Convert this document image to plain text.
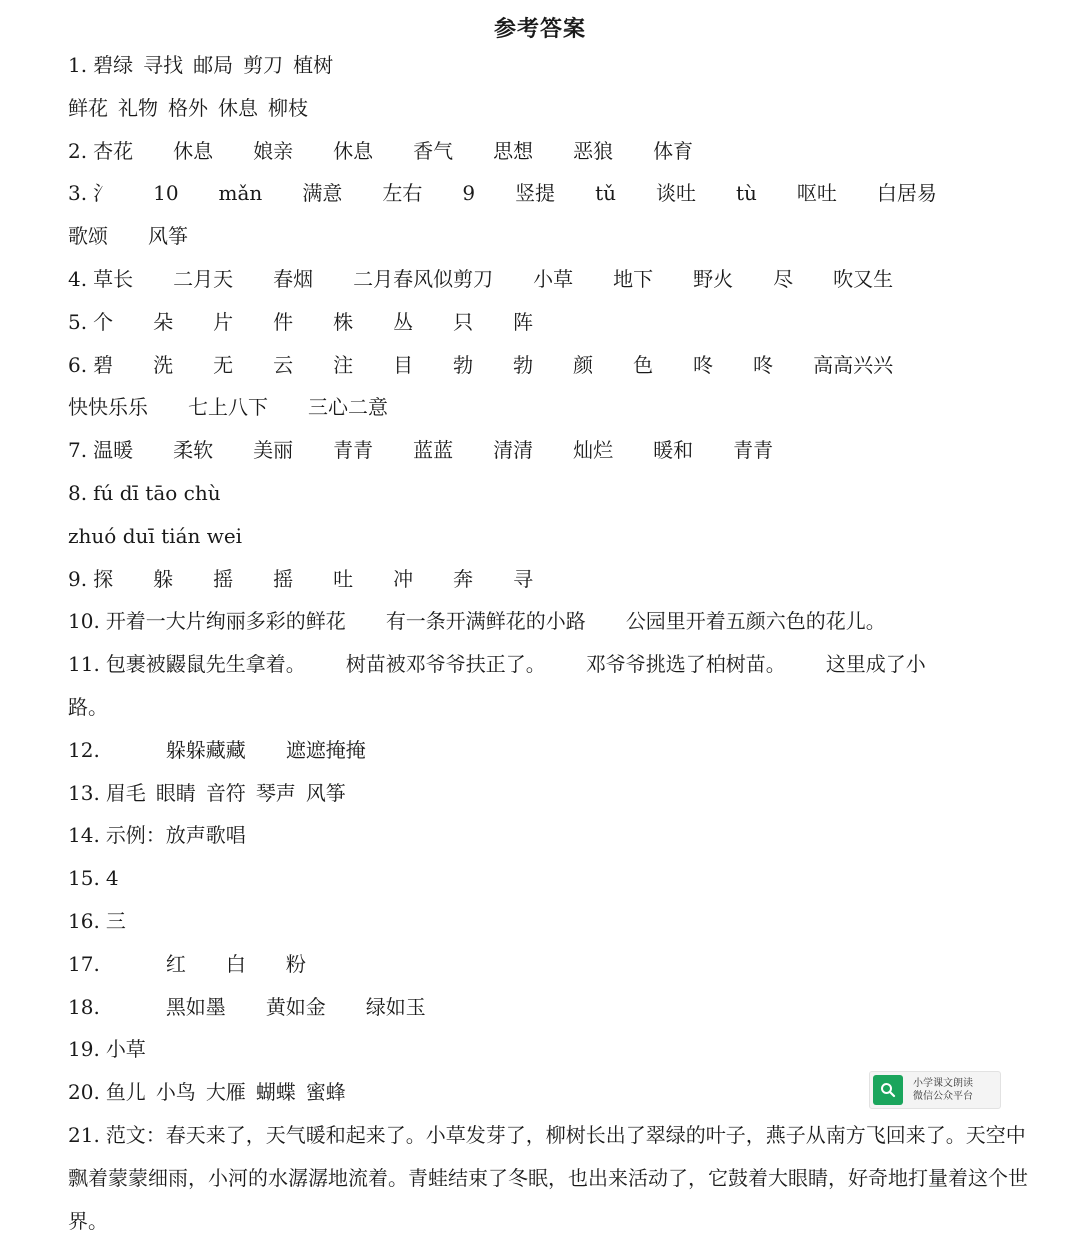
参考答案
1. 碧绿 寻找 邮局 剪刀 植树
鲜花 礼物 格外 休息 柳枝
2. 杏花 休息 娘亲 休息 香气 思想 恶狼 体育
3. 氵 10 mǎn 满意 左右 9 竖提 tǔ 谈吐 tù 呕吐 白居易
歌颂 风筝
4. 草长 二月天 春烟 二月春风似剪刀 小草 地下 野火 尽 吹又生
5. 个 朵 片 件 株 丛 只 阵
6. 碧 洗 无 云 注 目 勃 勃 颜 色 咚 咚 高高兴兴
快快乐乐 七上八下 三心二意
7. 温暖 柔软 美丽 青青 蓝蓝 清清 灿烂 暖和 青青
8. fú dī tāo chù
zhuó duī tián wei
9. 探 躲 摇 摇 吐 冲 奔 寻
10. 开着一大片绚丽多彩的鲜花 有一条开满鲜花的小路 公园里开着五颜六色的花儿。
11. 包裹被鼹鼠先生拿着。 树苗被邓爷爷扶正了。 邓爷爷挑选了柏树苗。 这里成了小
路。
12.	躲躲藏藏 遮遮掩掩
13. 眉毛 眼睛 音符 琴声 风筝
14. 示例：放声歌唱
15. 4
16. 三
17.	红 白 粉
18.	黑如墨 黄如金 绿如玉
19. 小草
20. 鱼儿 小鸟 大雁 蝴蝶 蜜蜂
21. 范文：春天来了，天气暖和起来了。小草发芽了，柳树长出了翠绿的叶子，燕子从南方飞回来了。天空中飘着蒙蒙细雨，小河的水潺潺地流着。青蛙结束了冬眠，也出来活动了，它鼓着大眼睛，好奇地打量着这个世界。
小学课文朗读
微信公众平台
